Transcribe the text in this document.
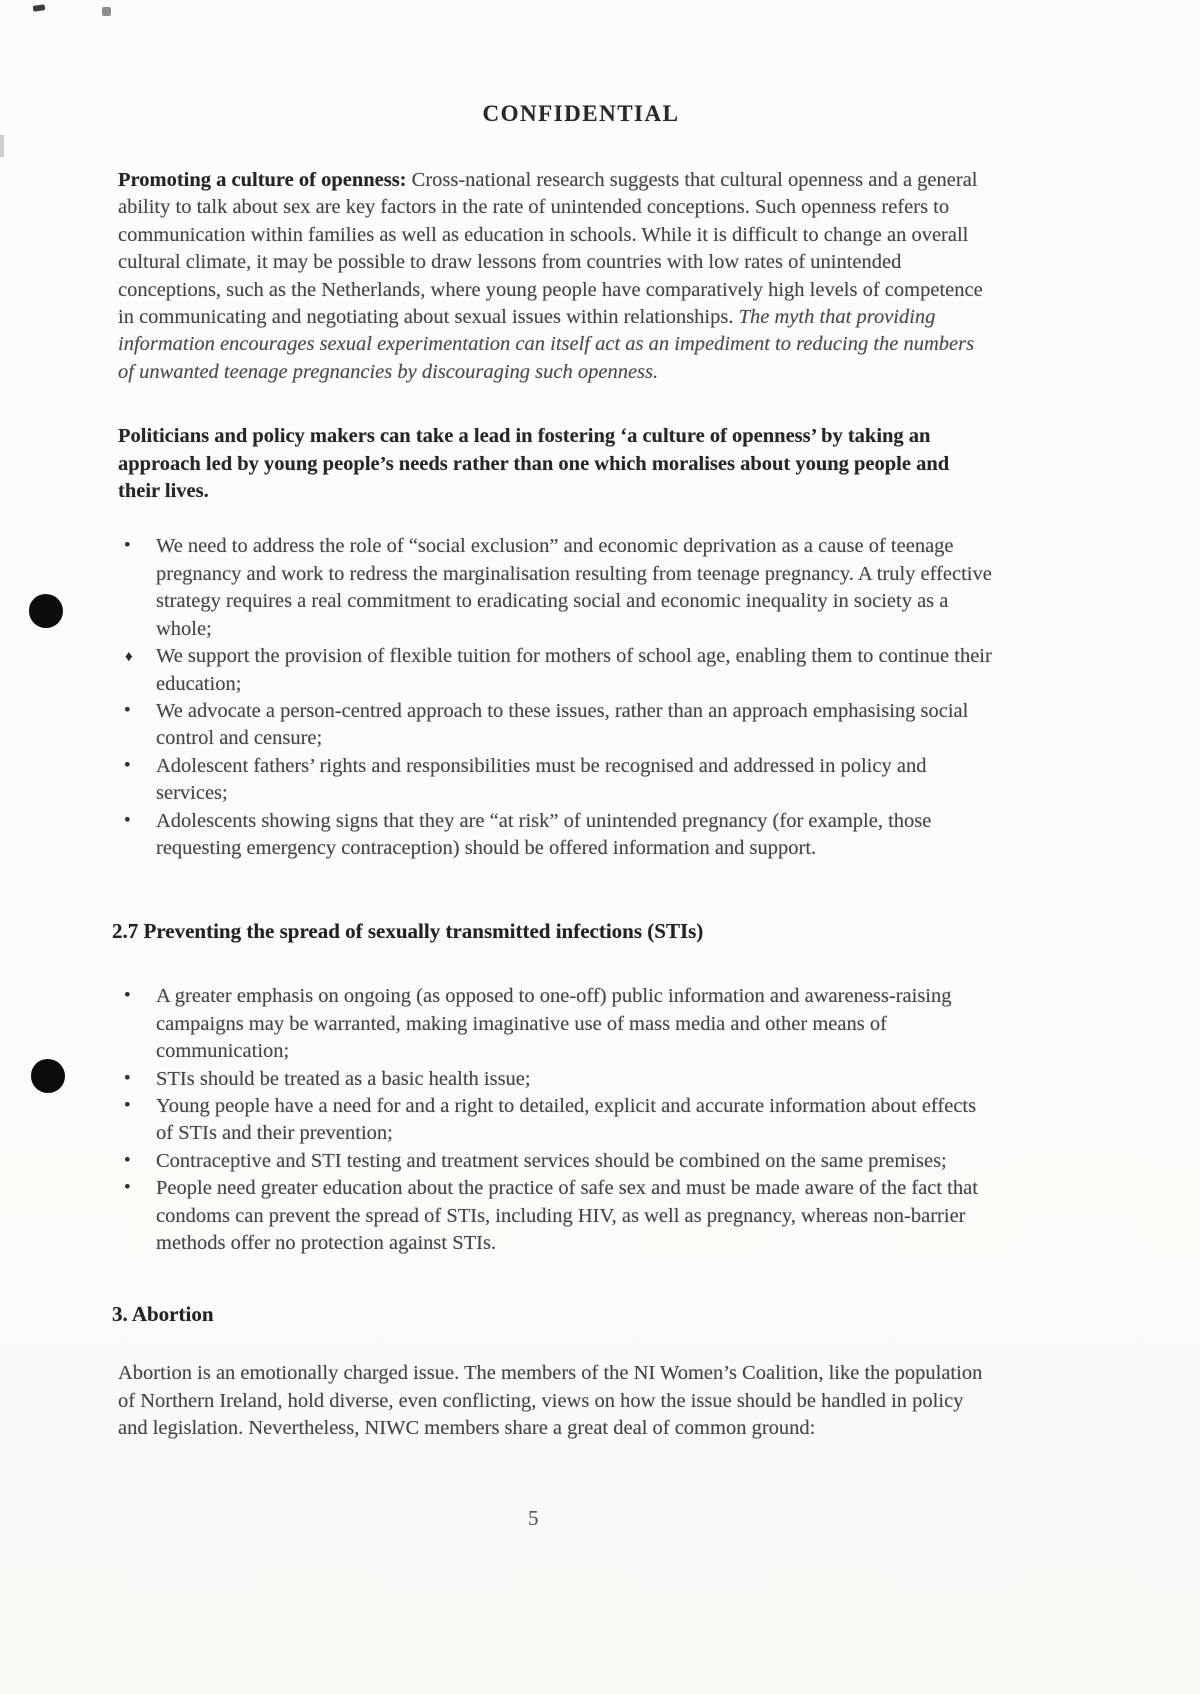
CONFIDENTIAL

Promoting a culture of openness: Cross-national research suggests that cultural openness and a general ability to talk about sex are key factors in the rate of unintended conceptions. Such openness refers to communication within families as well as education in schools. While it is difficult to change an overall cultural climate, it may be possible to draw lessons from countries with low rates of unintended conceptions, such as the Netherlands, where young people have comparatively high levels of competence in communicating and negotiating about sexual issues within relationships. The myth that providing information encourages sexual experimentation can itself act as an impediment to reducing the numbers of unwanted teenage pregnancies by discouraging such openness.

Politicians and policy makers can take a lead in fostering ‘a culture of openness’ by taking an approach led by young people’s needs rather than one which moralises about young people and their lives.

• We need to address the role of “social exclusion” and economic deprivation as a cause of teenage pregnancy and work to redress the marginalisation resulting from teenage pregnancy. A truly effective strategy requires a real commitment to eradicating social and economic inequality in society as a whole;
♦ We support the provision of flexible tuition for mothers of school age, enabling them to continue their education;
• We advocate a person-centred approach to these issues, rather than an approach emphasising social control and censure;
• Adolescent fathers’ rights and responsibilities must be recognised and addressed in policy and services;
• Adolescents showing signs that they are “at risk” of unintended pregnancy (for example, those requesting emergency contraception) should be offered information and support.
2.7 Preventing the spread of sexually transmitted infections (STIs)
• A greater emphasis on ongoing (as opposed to one-off) public information and awareness-raising campaigns may be warranted, making imaginative use of mass media and other means of communication;
• STIs should be treated as a basic health issue;
• Young people have a need for and a right to detailed, explicit and accurate information about effects of STIs and their prevention;
• Contraceptive and STI testing and treatment services should be combined on the same premises;
• People need greater education about the practice of safe sex and must be made aware of the fact that condoms can prevent the spread of STIs, including HIV, as well as pregnancy, whereas non-barrier methods offer no protection against STIs.
3. Abortion

Abortion is an emotionally charged issue. The members of the NI Women’s Coalition, like the population of Northern Ireland, hold diverse, even conflicting, views on how the issue should be handled in policy and legislation. Nevertheless, NIWC members share a great deal of common ground:

5
